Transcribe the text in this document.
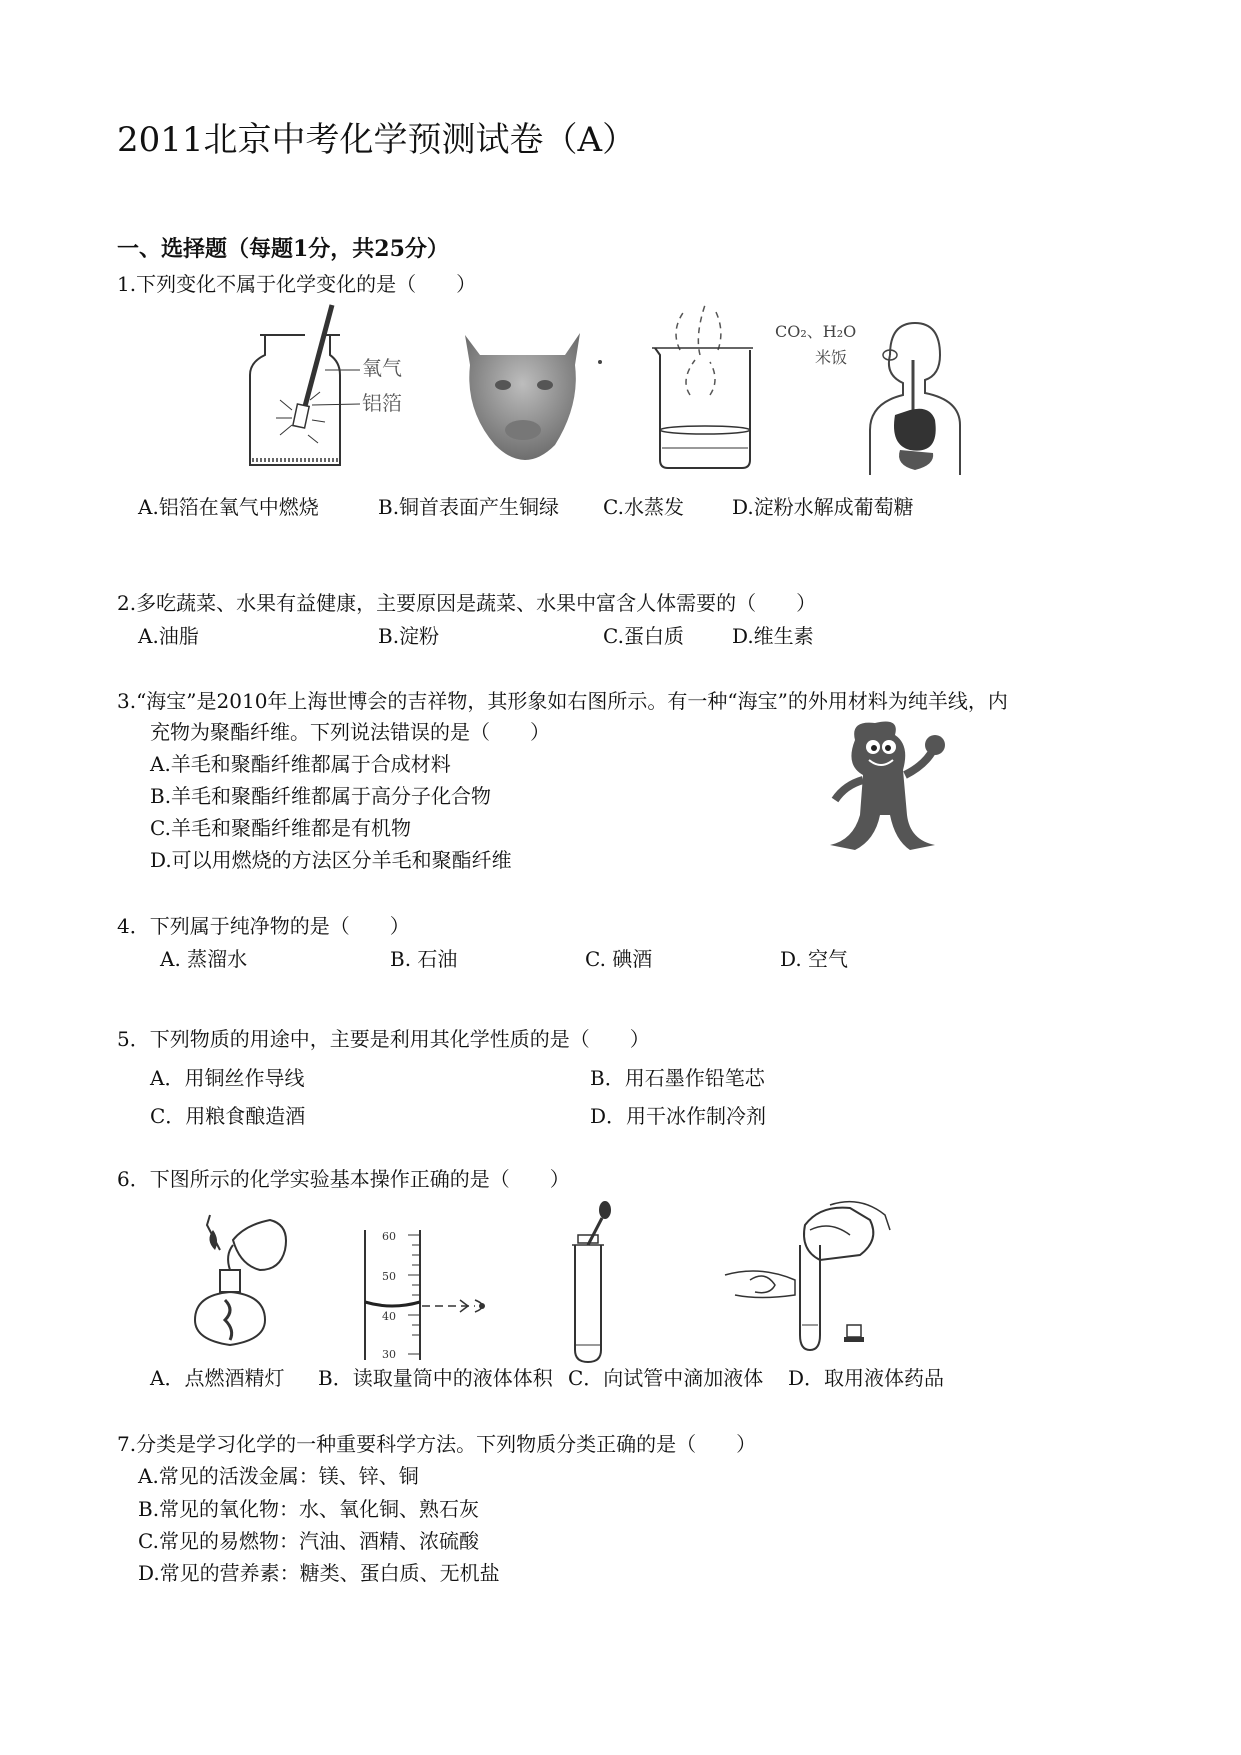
2011北京中考化学预测试卷（A）
一、选择题（每题1分，共25分）
1.下列变化不属于化学变化的是（　　）
氧气
铝箔
CO₂、H₂O
米饭
A.铝箔在氧气中燃烧	B.铜首表面产生铜绿 C.水蒸发 D.淀粉水解成葡萄糖
2.多吃蔬菜、水果有益健康，主要原因是蔬菜、水果中富含人体需要的（　　）
A.油脂	B.淀粉	C.蛋白质 D.维生素
3.“海宝”是2010年上海世博会的吉祥物，其形象如右图所示。有一种“海宝”的外用材料为纯羊线，内
充物为聚酯纤维。下列说法错误的是（　　）
A.羊毛和聚酯纤维都属于合成材料
B.羊毛和聚酯纤维都属于高分子化合物
C.羊毛和聚酯纤维都是有机物
D.可以用燃烧的方法区分羊毛和聚酯纤维
4．下列属于纯净物的是（　　）
A. 蒸溜水	B. 石油	C. 碘酒	D. 空气
5．下列物质的用途中，主要是利用其化学性质的是（　　）
A．用铜丝作导线	B．用石墨作铅笔芯
C．用粮食酿造酒	D．用干冰作制冷剂
6．下图所示的化学实验基本操作正确的是（　　）
60
50
40
30
A．点燃酒精灯 B．读取量筒中的液体体积 C．向试管中滴加液体 D．取用液体药品
7.分类是学习化学的一种重要科学方法。下列物质分类正确的是（　　）
A.常见的活泼金属：镁、锌、铜
B.常见的氧化物：水、氧化铜、熟石灰
C.常见的易燃物：汽油、酒精、浓硫酸
D.常见的营养素：糖类、蛋白质、无机盐
